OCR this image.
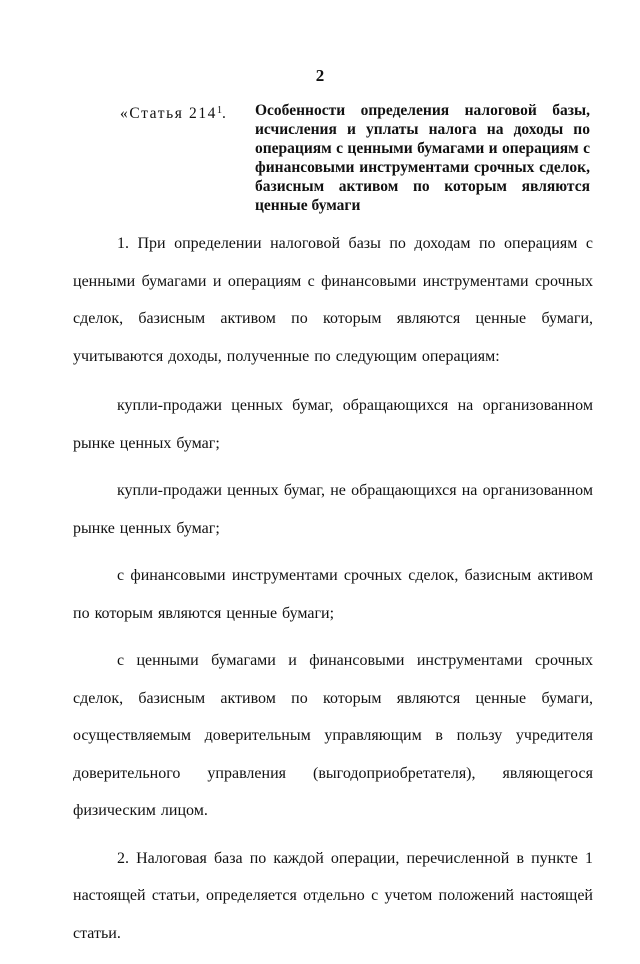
2
«Статья $214^1$.	Особенности определения налоговой базы, исчисления и уплаты налога на доходы по операциям с ценными бумагами и операциям с финансовыми инструментами срочных сделок, базисным активом по которым являются ценные бумаги

1. При определении налоговой базы по доходам по операциям с ценными бумагами и операциям с финансовыми инструментами срочных сделок, базисным активом по которым являются ценные бумаги, учитываются доходы, полученные по следующим операциям:

купли-продажи ценных бумаг, обращающихся на организованном рынке ценных бумаг;

купли-продажи ценных бумаг, не обращающихся на организованном рынке ценных бумаг;

с финансовыми инструментами срочных сделок, базисным активом по которым являются ценные бумаги;

с ценными бумагами и финансовыми инструментами срочных сделок, базисным активом по которым являются ценные бумаги, осуществляемым доверительным управляющим в пользу учредителя доверительного управления (выгодоприобретателя), являющегося физическим лицом.

2. Налоговая база по каждой операции, перечисленной в пункте 1 настоящей статьи, определяется отдельно с учетом положений настоящей статьи.
